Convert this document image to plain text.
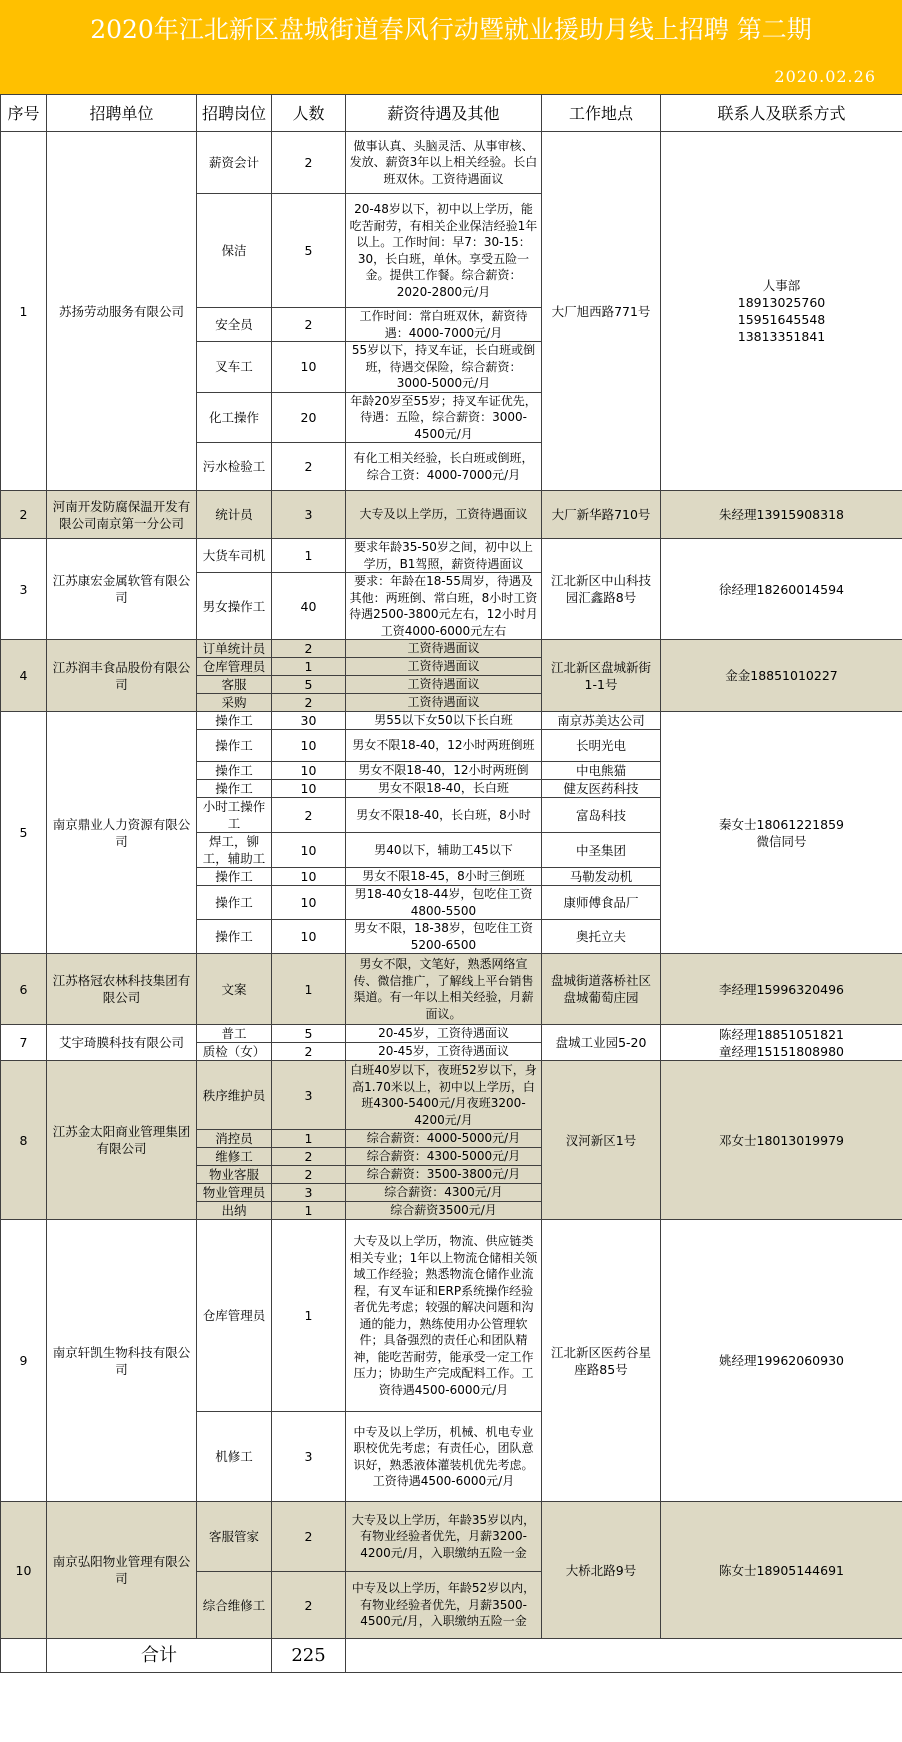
2020年江北新区盘城街道春风行动暨就业援助月线上招聘 第二期
2020.02.26
序号	招聘单位	招聘岗位	人数	薪资待遇及其他	工作地点	联系人及联系方式
1	苏扬劳动服务有限公司	薪资会计	2	做事认真、头脑灵活、从事审核、发放、薪资3年以上相关经验。长白班双休。工资待遇面议	大厂旭西路771号	人事部
18913025760
15951645548
13813351841
		保洁	5	20-48岁以下，初中以上学历，能吃苦耐劳，有相关企业保洁经验1年以上。工作时间：早7：30-15：30，长白班，单休。享受五险一金。提供工作餐。综合薪资：2020-2800元/月		
		安全员	2	工作时间：常白班双休，薪资待遇：4000-7000元/月		
		叉车工	10	55岁以下，持叉车证，长白班或倒班，待遇交保险，综合薪资：3000-5000元/月		
		化工操作	20	年龄20岁至55岁；持叉车证优先，待遇：五险，综合薪资：3000-4500元/月		
		污水检验工	2	有化工相关经验，长白班或倒班，综合工资：4000-7000元/月		
2	河南开发防腐保温开发有限公司南京第一分公司	统计员	3	大专及以上学历，工资待遇面议	大厂新华路710号	朱经理13915908318
3	江苏康宏金属软管有限公司	大货车司机	1	要求年龄35-50岁之间，初中以上学历，B1驾照，薪资待遇面议	江北新区中山科技园汇鑫路8号	徐经理18260014594
		男女操作工	40	要求：年龄在18-55周岁，待遇及其他：两班倒、常白班，8小时工资待遇2500-3800元左右，12小时月工资4000-6000元左右		
4	江苏润丰食品股份有限公司	订单统计员	2	工资待遇面议	江北新区盘城新街1-1号	金金18851010227
		仓库管理员	1	工资待遇面议		
		客服	5	工资待遇面议		
		采购	2	工资待遇面议		
5	南京鼎业人力资源有限公司	操作工	30	男55以下女50以下长白班	南京苏美达公司	秦女士18061221859
微信同号
		操作工	10	男女不限18-40，12小时两班倒班	长明光电	
		操作工	10	男女不限18-40，12小时两班倒	中电熊猫	
		操作工	10	男女不限18-40，长白班	健友医药科技	
		小时工操作工	2	男女不限18-40，长白班，8小时	富岛科技	
		焊工，铆工，辅助工	10	男40以下，辅助工45以下	中圣集团	
		操作工	10	男女不限18-45，8小时三倒班	马勒发动机	
		操作工	10	男18-40女18-44岁，包吃住工资4800-5500	康师傅食品厂	
		操作工	10	男女不限，18-38岁，包吃住工资5200-6500	奥托立夫	
6	江苏格冠农林科技集团有限公司	文案	1	男女不限，文笔好，熟悉网络宣传、微信推广，了解线上平台销售渠道。有一年以上相关经验，月薪面议。	盘城街道落桥社区盘城葡萄庄园	李经理15996320496
7	艾宇琦膜科技有限公司	普工	5	20-45岁，工资待遇面议	盘城工业园5-20	陈经理18851051821
童经理15151808980
		质检（女）	2	20-45岁，工资待遇面议		
8	江苏金太阳商业管理集团有限公司	秩序维护员	3	白班40岁以下，夜班52岁以下，身高1.70米以上，初中以上学历，白班4300-5400元/月夜班3200-4200元/月	汊河新区1号	邓女士18013019979
		消控员	1	综合薪资：4000-5000元/月		
		维修工	2	综合薪资：4300-5000元/月		
		物业客服	2	综合薪资：3500-3800元/月		
		物业管理员	3	综合薪资：4300元/月		
		出纳	1	综合薪资3500元/月		
9	南京轩凯生物科技有限公司	仓库管理员	1	大专及以上学历，物流、供应链类相关专业；1年以上物流仓储相关领域工作经验；熟悉物流仓储作业流程，有叉车证和ERP系统操作经验者优先考虑；较强的解决问题和沟通的能力，熟练使用办公管理软件；具备强烈的责任心和团队精神，能吃苦耐劳，能承受一定工作压力；协助生产完成配料工作。工资待遇4500-6000元/月	江北新区医药谷星座路85号	姚经理19962060930
		机修工	3	中专及以上学历，机械、机电专业职校优先考虑；有责任心，团队意识好，熟悉液体灌装机优先考虑。工资待遇4500-6000元/月		
10	南京弘阳物业管理有限公司	客服管家	2	大专及以上学历，年龄35岁以内，有物业经验者优先，月薪3200-4200元/月，入职缴纳五险一金	大桥北路9号	陈女士18905144691
		综合维修工	2	中专及以上学历，年龄52岁以内，有物业经验者优先，月薪3500-4500元/月，入职缴纳五险一金		
	合计		225			
